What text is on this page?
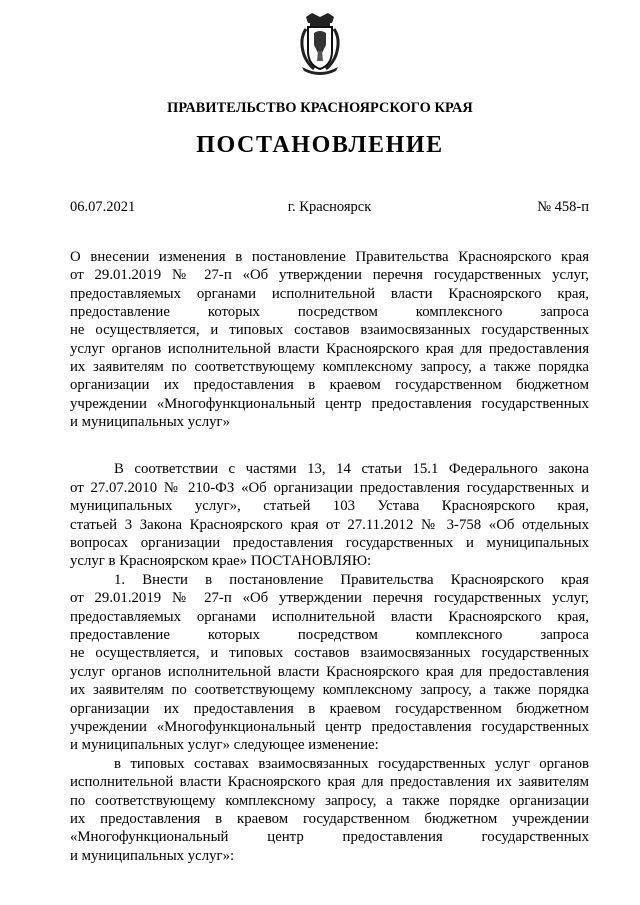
ПРАВИТЕЛЬСТВО КРАСНОЯРСКОГО КРАЯ
ПОСТАНОВЛЕНИЕ
06.07.2021	г. Красноярск	№ 458-п
О внесении изменения в постановление Правительства Красноярского края
от 29.01.2019 № 27-п «Об утверждении перечня государственных услуг,
предоставляемых органами исполнительной власти Красноярского края,
предоставление которых посредством комплексного запроса
не осуществляется, и типовых составов взаимосвязанных государственных
услуг органов исполнительной власти Красноярского края для предоставления
их заявителям по соответствующему комплексному запросу, а также порядка
организации их предоставления в краевом государственном бюджетном
учреждении «Многофункциональный центр предоставления государственных
и муниципальных услуг»
В соответствии с частями 13, 14 статьи 15.1 Федерального закона
от 27.07.2010 № 210-ФЗ «Об организации предоставления государственных и
муниципальных услуг», статьей 103 Устава Красноярского края,
статьей 3 Закона Красноярского края от 27.11.2012 № 3-758 «Об отдельных
вопросах организации предоставления государственных и муниципальных
услуг в Красноярском крае» ПОСТАНОВЛЯЮ:
1. Внести в постановление Правительства Красноярского края
от 29.01.2019 № 27-п «Об утверждении перечня государственных услуг,
предоставляемых органами исполнительной власти Красноярского края,
предоставление которых посредством комплексного запроса
не осуществляется, и типовых составов взаимосвязанных государственных
услуг органов исполнительной власти Красноярского края для предоставления
их заявителям по соответствующему комплексному запросу, а также порядка
организации их предоставления в краевом государственном бюджетном
учреждении «Многофункциональный центр предоставления государственных
и муниципальных услуг» следующее изменение:
в типовых составах взаимосвязанных государственных услуг органов
исполнительной власти Красноярского края для предоставления их заявителям
по соответствующему комплексному запросу, а также порядке организации
их предоставления в краевом государственном бюджетном учреждении
«Многофункциональный центр предоставления государственных
и муниципальных услуг»:
